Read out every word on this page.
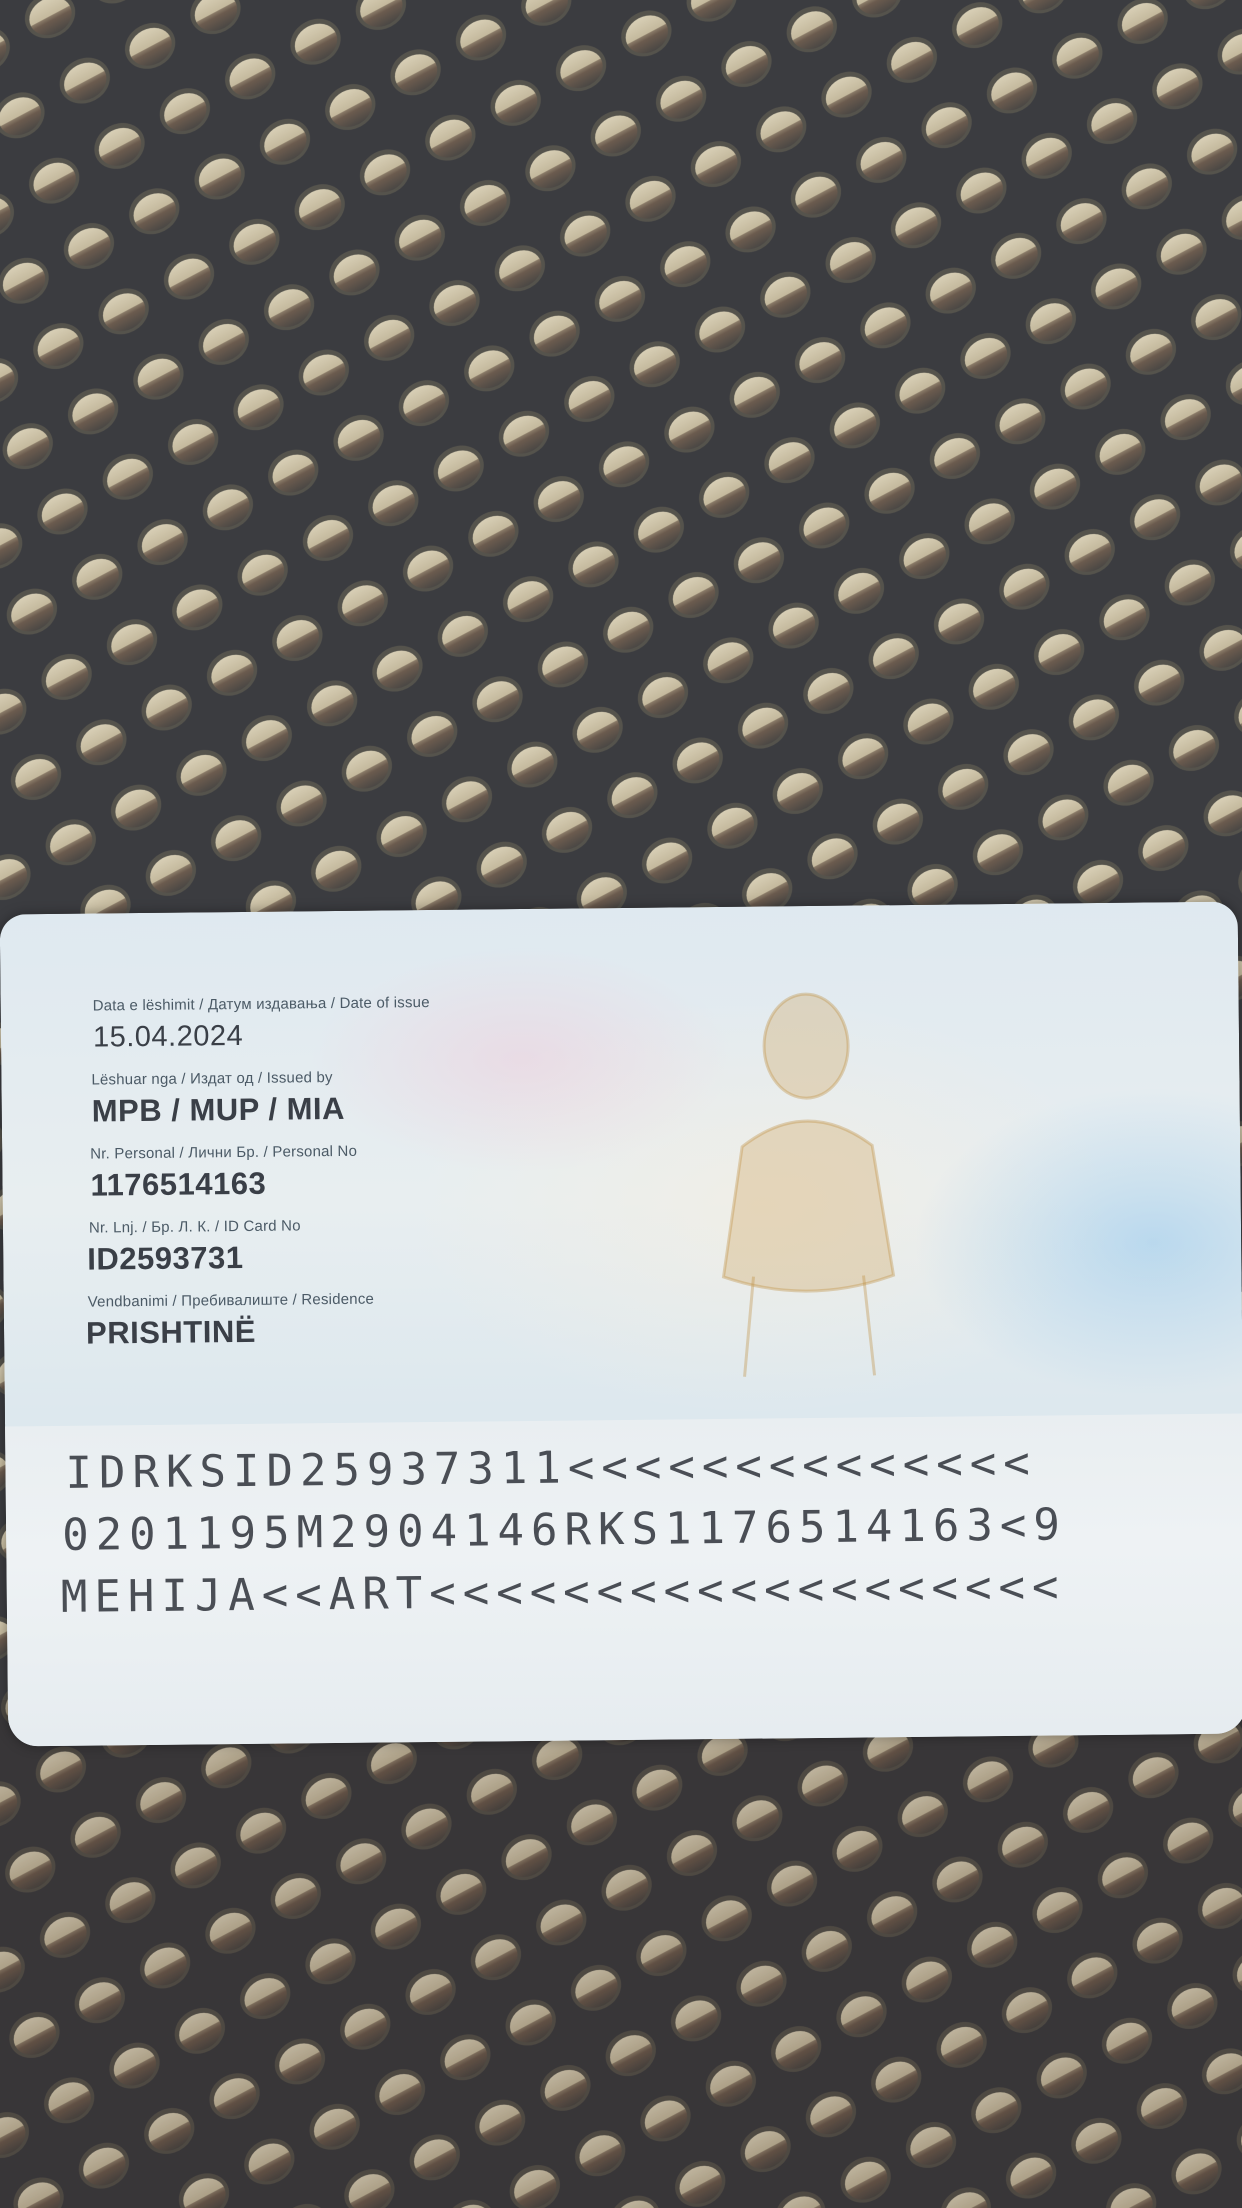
Data e lëshimit / Датум издавања / Date of issue
15.04.2024
Lëshuar nga / Издат од / Issued by
MPB / MUP / MIA
Nr. Personal / Лични Бр. / Personal No
1176514163
Nr. Lnj. / Бр. Л. К. / ID Card No
ID2593731
Vendbanimi / Пребивалиште / Residence
PRISHTINË
IDRKSID25937311<<<<<<<<<<<<<<
0201195M2904146RKS1176514163<9
MEHIJA<<ART<<<<<<<<<<<<<<<<<<<
